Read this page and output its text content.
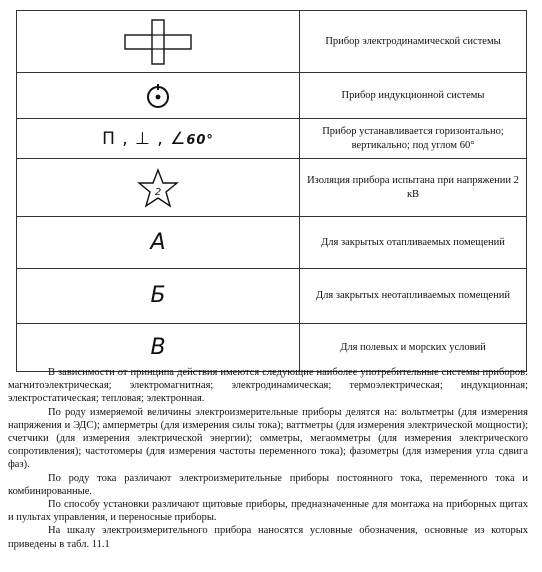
	Прибор электродинамической системы

	Прибор индукционной системы
П , ⊥ , ∠60°	Прибор устанавливается горизонтально; вертикально; под углом 60°

2	Изоляция прибора испытана при напряжении 2 кВ
А	Для закрытых отапливаемых помещений
Б	Для закрытых неотапливаемых помещений
В	Для полевых и морских условий

В зависимости от принципа действия имеются следующие наиболее употребительные системы приборов: магнитоэлектрическая; электромагнитная; электродинамическая; термоэлектрическая; индукционная; электростатическая; тепловая; электронная.

По роду измеряемой величины электроизмерительные приборы делятся на: вольтметры (для измерения напряжения и ЭДС); амперметры (для измерения силы тока); ваттметры (для измерения электрической мощности); счетчики (для измерения электрической энергии); омметры, мегаомметры (для измерения электрического сопротивления); частотомеры (для измерения частоты переменного тока); фазометры (для измерения угла сдвига фаз).

По роду тока различают электроизмерительные приборы постоянного тока, переменного тока и комбинированные.

По способу установки различают щитовые приборы, предназначенные для монтажа на приборных щитах и пультах управления, и переносные приборы.

На шкалу электроизмерительного прибора наносятся условные обозначения, основные из которых приведены в табл. 11.1
